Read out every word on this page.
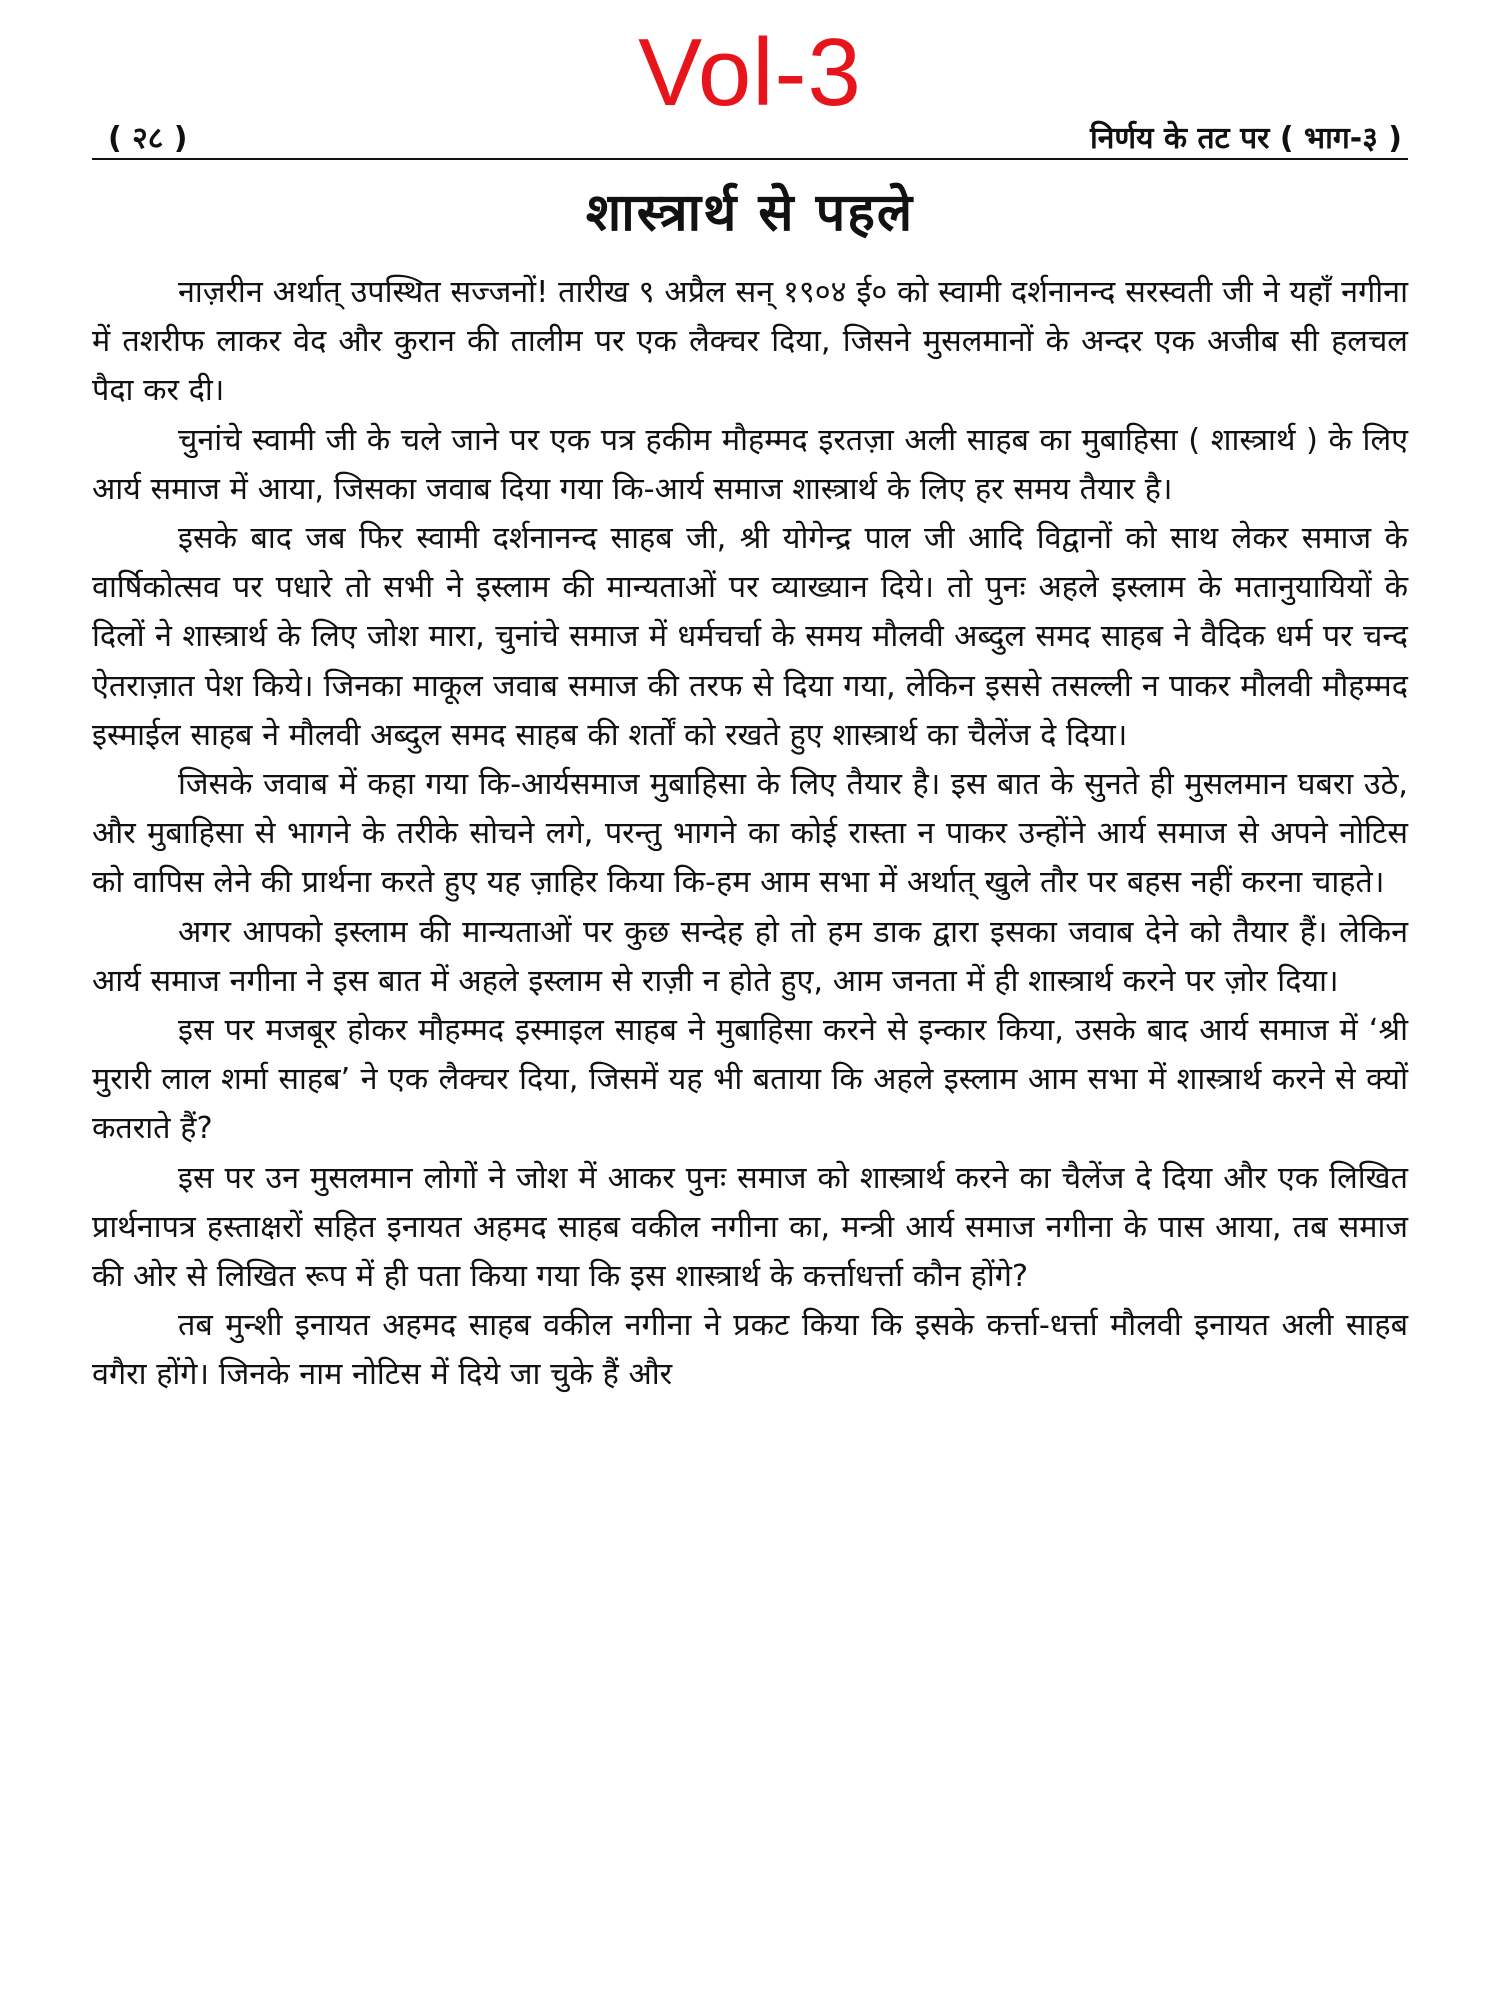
Vol-3
( २८ )	निर्णय के तट पर ( भाग-३ )
शास्त्रार्थ से पहले

नाज़रीन अर्थात् उपस्थित सज्जनों! तारीख ९ अप्रैल सन् १९०४ ई० को स्वामी दर्शनानन्द सरस्वती जी ने यहाँ नगीना में तशरीफ लाकर वेद और कुरान की तालीम पर एक लैक्चर दिया, जिसने मुसलमानों के अन्दर एक अजीब सी हलचल पैदा कर दी।

चुनांचे स्वामी जी के चले जाने पर एक पत्र हकीम मौहम्मद इरतज़ा अली साहब का मुबाहिसा ( शास्त्रार्थ ) के लिए आर्य समाज में आया, जिसका जवाब दिया गया कि-आर्य समाज शास्त्रार्थ के लिए हर समय तैयार है।

इसके बाद जब फिर स्वामी दर्शनानन्द साहब जी, श्री योगेन्द्र पाल जी आदि विद्वानों को साथ लेकर समाज के वार्षिकोत्सव पर पधारे तो सभी ने इस्लाम की मान्यताओं पर व्याख्यान दिये। तो पुनः अहले इस्लाम के मतानुयायियों के दिलों ने शास्त्रार्थ के लिए जोश मारा, चुनांचे समाज में धर्मचर्चा के समय मौलवी अब्दुल समद साहब ने वैदिक धर्म पर चन्द ऐतराज़ात पेश किये। जिनका माकूल जवाब समाज की तरफ से दिया गया, लेकिन इससे तसल्ली न पाकर मौलवी मौहम्मद इस्माईल साहब ने मौलवी अब्दुल समद साहब की शर्तों को रखते हुए शास्त्रार्थ का चैलेंज दे दिया।

जिसके जवाब में कहा गया कि-आर्यसमाज मुबाहिसा के लिए तैयार है। इस बात के सुनते ही मुसलमान घबरा उठे, और मुबाहिसा से भागने के तरीके सोचने लगे, परन्तु भागने का कोई रास्ता न पाकर उन्होंने आर्य समाज से अपने नोटिस को वापिस लेने की प्रार्थना करते हुए यह ज़ाहिर किया कि-हम आम सभा में अर्थात् खुले तौर पर बहस नहीं करना चाहते।

अगर आपको इस्लाम की मान्यताओं पर कुछ सन्देह हो तो हम डाक द्वारा इसका जवाब देने को तैयार हैं। लेकिन आर्य समाज नगीना ने इस बात में अहले इस्लाम से राज़ी न होते हुए, आम जनता में ही शास्त्रार्थ करने पर ज़ोर दिया।

इस पर मजबूर होकर मौहम्मद इस्माइल साहब ने मुबाहिसा करने से इन्कार किया, उसके बाद आर्य समाज में ‘श्री मुरारी लाल शर्मा साहब’ ने एक लैक्चर दिया, जिसमें यह भी बताया कि अहले इस्लाम आम सभा में शास्त्रार्थ करने से क्यों कतराते हैं?

इस पर उन मुसलमान लोगों ने जोश में आकर पुनः समाज को शास्त्रार्थ करने का चैलेंज दे दिया और एक लिखित प्रार्थनापत्र हस्ताक्षरों सहित इनायत अहमद साहब वकील नगीना का, मन्त्री आर्य समाज नगीना के पास आया, तब समाज की ओर से लिखित रूप में ही पता किया गया कि इस शास्त्रार्थ के कर्त्ताधर्त्ता कौन होंगे?

तब मुन्शी इनायत अहमद साहब वकील नगीना ने प्रकट किया कि इसके कर्त्ता-धर्त्ता मौलवी इनायत अली साहब वगैरा होंगे। जिनके नाम नोटिस में दिये जा चुके हैं और
